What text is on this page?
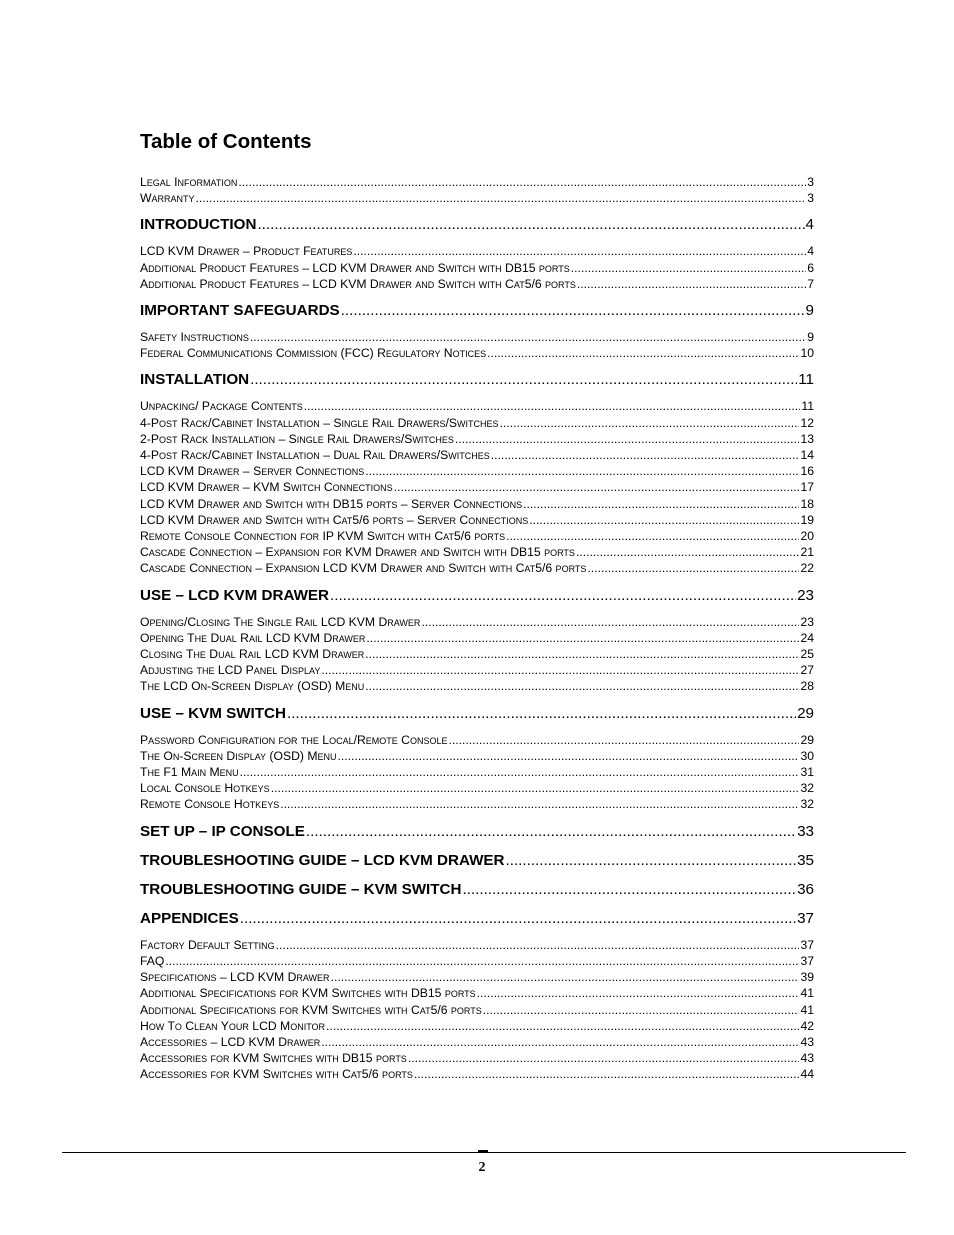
Table of Contents
Legal Information .....	3
Warranty .....	3
INTRODUCTION .....	4
LCD KVM Drawer – Product Features .....	4
Additional Product Features – LCD KVM Drawer and Switch with DB15 ports .....	6
Additional Product Features – LCD KVM Drawer and Switch with Cat5/6 ports .....	7
IMPORTANT SAFEGUARDS .....	9
Safety Instructions .....	9
Federal Communications Commission (FCC) Regulatory Notices .....	10
INSTALLATION .....	11
Unpacking/ Package Contents .....	11
4-Post Rack/Cabinet Installation – Single Rail Drawers/Switches .....	12
2-Post Rack Installation – Single Rail Drawers/Switches .....	13
4-Post Rack/Cabinet Installation – Dual Rail Drawers/Switches .....	14
LCD KVM Drawer – Server Connections .....	16
LCD KVM Drawer – KVM Switch Connections .....	17
LCD KVM Drawer and Switch with DB15 ports – Server Connections .....	18
LCD KVM Drawer and Switch with Cat5/6 ports – Server Connections .....	19
Remote Console Connection for IP KVM Switch with Cat5/6 ports .....	20
Cascade Connection – Expansion for KVM Drawer and Switch with DB15 ports .....	21
Cascade Connection – Expansion LCD KVM Drawer and Switch with Cat5/6 ports .....	22
USE – LCD KVM DRAWER .....	23
Opening/Closing The Single Rail LCD KVM Drawer .....	23
Opening The Dual Rail LCD KVM Drawer .....	24
Closing The Dual Rail LCD KVM Drawer .....	25
Adjusting the LCD Panel Display .....	27
The LCD On-Screen Display (OSD) Menu .....	28
USE – KVM SWITCH .....	29
Password Configuration for the Local/Remote Console .....	29
The On-Screen Display (OSD) Menu .....	30
The F1 Main Menu .....	31
Local Console Hotkeys .....	32
Remote Console Hotkeys .....	32
SET UP – IP CONSOLE .....	33
TROUBLESHOOTING GUIDE – LCD KVM DRAWER .....	35
TROUBLESHOOTING GUIDE – KVM SWITCH .....	36
APPENDICES .....	37
Factory Default Setting .....	37
FAQ .....	37
Specifications – LCD KVM Drawer .....	39
Additional Specifications for KVM Switches with DB15 ports .....	41
Additional Specifications for KVM Switches with Cat5/6 ports .....	41
How To Clean Your LCD Monitor .....	42
Accessories – LCD KVM Drawer .....	43
Accessories for KVM Switches with DB15 ports .....	43
Accessories for KVM Switches with Cat5/6 ports .....	44
2
